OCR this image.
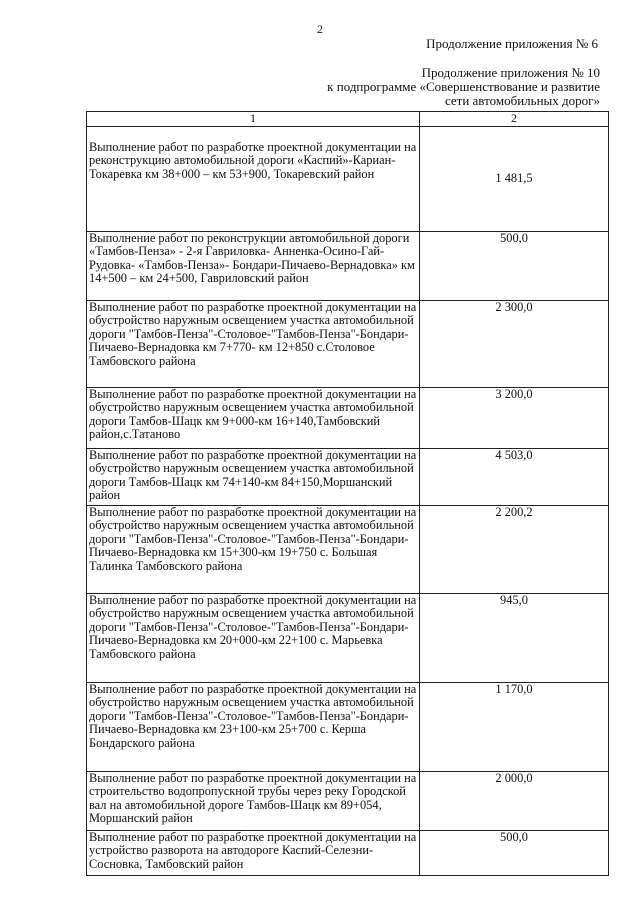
2
Продолжение приложения № 6
Продолжение приложения № 10
к подпрограмме «Совершенствование и развитие
сети автомобильных дорог»
1	2
Выполнение работ по разработке проектной документации на реконструкцию автомобильной дороги «Каспий»-Кариан-Токаревка км 38+000 – км 53+900, Токаревский район	1 481,5
Выполнение работ по реконструкции автомобильной дороги «Тамбов-Пенза» - 2-я Гавриловка- Анненка-Осино-Гай- Рудовка- «Тамбов-Пенза»- Бондари-Пичаево-Вернадовка» км 14+500 – км 24+500, Гавриловский район	500,0
Выполнение работ по разработке проектной документации на обустройство наружным освещением участка автомобильной дороги "Тамбов-Пенза"-Столовое-"Тамбов-Пенза"-Бондари-Пичаево-Вернадовка км 7+770- км 12+850 с.Столовое Тамбовского района	2 300,0
Выполнение работ по разработке проектной документации на обустройство наружным освещением участка автомобильной дороги Тамбов-Шацк км 9+000-км 16+140,Тамбовский район,с.Татаново	3 200,0
Выполнение работ по разработке проектной документации на обустройство наружным освещением участка автомобильной дороги Тамбов-Шацк км 74+140-км 84+150,Моршанский район	4 503,0
Выполнение работ по разработке проектной документации на обустройство наружным освещением участка автомобильной дороги "Тамбов-Пенза"-Столовое-"Тамбов-Пенза"-Бондари-Пичаево-Вернадовка км 15+300-км 19+750 с. Большая Талинка Тамбовского района	2 200,2
Выполнение работ по разработке проектной документации на обустройство наружным освещением участка автомобильной дороги "Тамбов-Пенза"-Столовое-"Тамбов-Пенза"-Бондари-Пичаево-Вернадовка км 20+000-км 22+100 с. Марьевка Тамбовского района	945,0
Выполнение работ по разработке проектной документации на обустройство наружным освещением участка автомобильной дороги "Тамбов-Пенза"-Столовое-"Тамбов-Пенза"-Бондари-Пичаево-Вернадовка км 23+100-км 25+700 с. Керша Бондарского района	1 170,0
Выполнение работ по разработке проектной документации на строительство водопропускной трубы через реку Городской вал на автомобильной дороге Тамбов-Шацк км 89+054, Моршанский район	2 000,0
Выполнение работ по разработке проектной документации на устройство разворота на автодороге Каспий-Селезни-Сосновка, Тамбовский район	500,0
